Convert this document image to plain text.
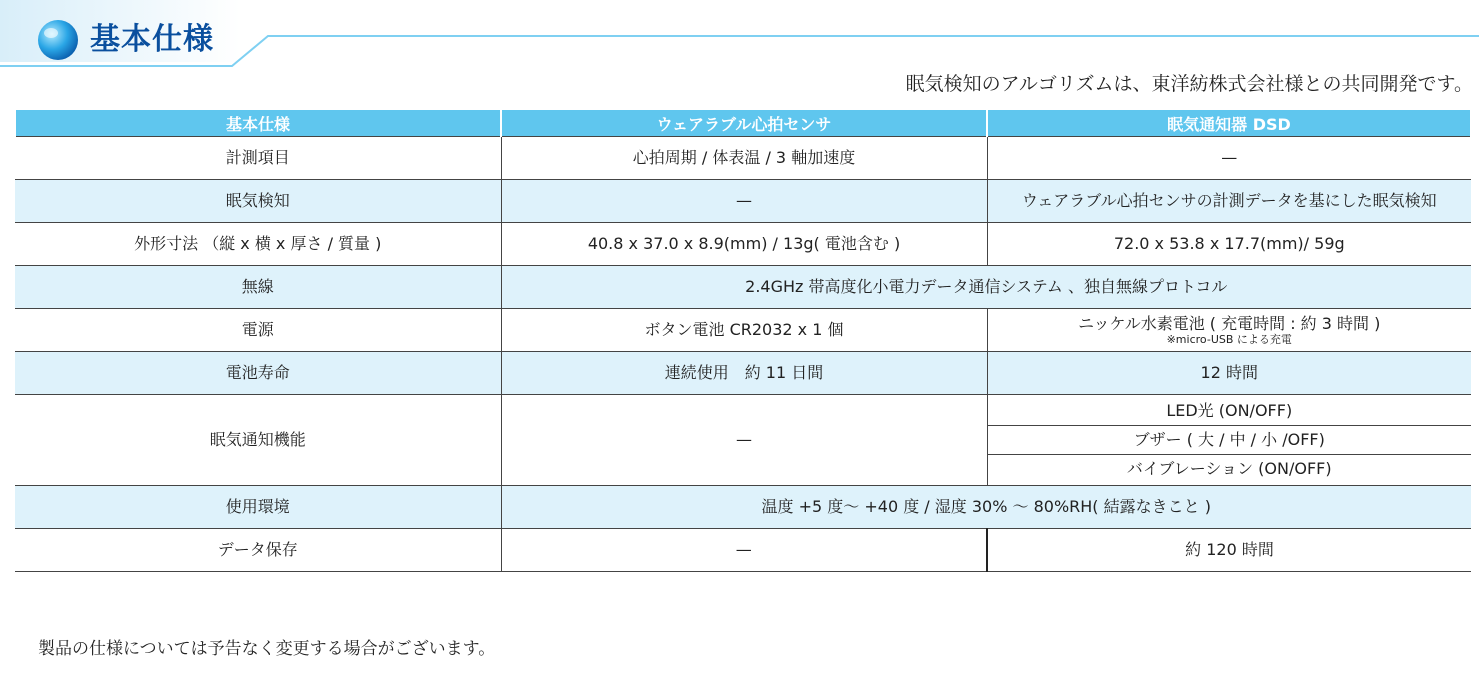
基本仕様
眠気検知のアルゴリズムは、東洋紡株式会社様との共同開発です。
基本仕様	ウェアラブル心拍センサ	眠気通知器 DSD
計測項目	心拍周期 / 体表温 / 3 軸加速度	—
眠気検知	—	ウェアラブル心拍センサの計測データを基にした眠気検知
外形寸法 （縦 x 横 x 厚さ / 質量 )	40.8 x 37.0 x 8.9(mm) / 13g( 電池含む )	72.0 x 53.8 x 17.7(mm)/ 59g
無線	2.4GHz 帯高度化小電力データ通信システム 、独自無線プロトコル	
電源	ボタン電池 CR2032 x 1 個	ニッケル水素電池 ( 充電時間 : 約 3 時間 )
※micro-USB による充電

電池寿命	連続使用　約 11 日間	12 時間
眠気通知機能	—	LED光 (ON/OFF)
ブザー ( 大 / 中 / 小 /OFF)
バイブレーション (ON/OFF)

使用環境	温度 +5 度〜 +40 度 / 湿度 30% 〜 80%RH( 結露なきこと )	
データ保存	—	約 120 時間
製品の仕様については予告なく変更する場合がございます。
